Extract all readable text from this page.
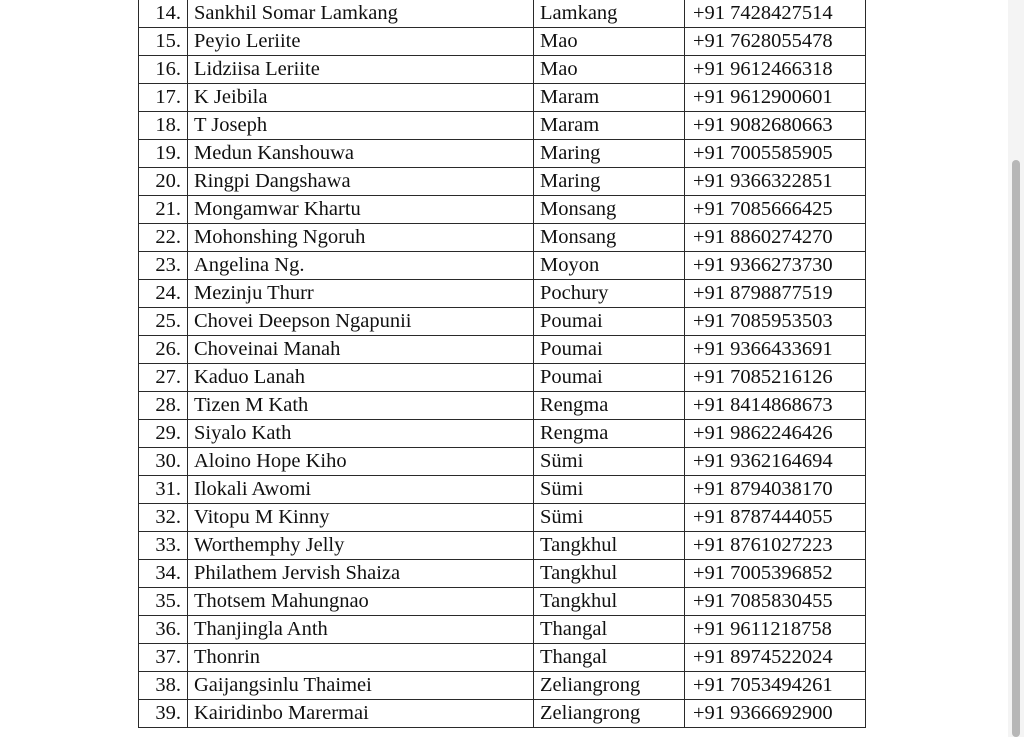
14.	Sankhil Somar Lamkang	Lamkang	+91 7428427514
15.	Peyio Leriite	Mao	+91 7628055478
16.	Lidziisa Leriite	Mao	+91 9612466318
17.	K Jeibila	Maram	+91 9612900601
18.	T Joseph	Maram	+91 9082680663
19.	Medun Kanshouwa	Maring	+91 7005585905
20.	Ringpi Dangshawa	Maring	+91 9366322851
21.	Mongamwar Khartu	Monsang	+91 7085666425
22.	Mohonshing Ngoruh	Monsang	+91 8860274270
23.	Angelina Ng.	Moyon	+91 9366273730
24.	Mezinju Thurr	Pochury	+91 8798877519
25.	Chovei Deepson Ngapunii	Poumai	+91 7085953503
26.	Choveinai Manah	Poumai	+91 9366433691
27.	Kaduo Lanah	Poumai	+91 7085216126
28.	Tizen M Kath	Rengma	+91 8414868673
29.	Siyalo Kath	Rengma	+91 9862246426
30.	Aloino Hope Kiho	Sümi	+91 9362164694
31.	Ilokali Awomi	Sümi	+91 8794038170
32.	Vitopu M Kinny	Sümi	+91 8787444055
33.	Worthemphy Jelly	Tangkhul	+91 8761027223
34.	Philathem Jervish Shaiza	Tangkhul	+91 7005396852
35.	Thotsem Mahungnao	Tangkhul	+91 7085830455
36.	Thanjingla Anth	Thangal	+91 9611218758
37.	Thonrin	Thangal	+91 8974522024
38.	Gaijangsinlu Thaimei	Zeliangrong	+91 7053494261
39.	Kairidinbo Marermai	Zeliangrong	+91 9366692900
